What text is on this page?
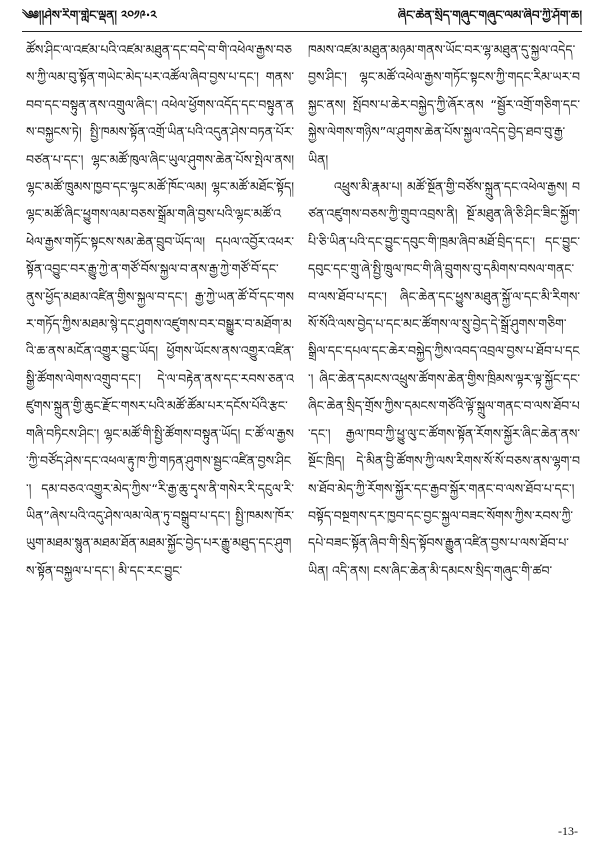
༄༅།།ཤེས་རིག་གླེང་ལྡན། ༢༠༡༩·༢	ཞིང་ཆེན་སྲིད་གཞུང་གཞུང་ལམ་ཞིབ་ཀྱི་ཤོག་ཆ།

ཚོས་ཤིང་ལ་འཛམ་པའི་འཛམ་མཐུན་དང་བདེ་བ་གི་འཕེལ་རྒྱས་བཅས་ཀྱི་ལམ་བུ་སྟོན་གཡེང་མེད་པར་འཚོལ་ཞིབ་བྱས་པ་དང་། གནས་བབ་དང་བསྟུན་ནས་འགྲུལ་ཞིང་། འཕེལ་ཕྱོགས་འདོད་དང་བསྟུན་ནས་བསྐྱངས་ཏེ། སྤྱི་ཁམས་སྟོན་འགྲོ་ཡིན་པའི་འདུན་ཤེས་བཏན་པོར་བཙན་པ་དང་། ལྷང་མཚོ་ཁུལ་ཞིང་ཡུལ་ཤུགས་ཆེན་པོས་སྤེལ་ནས། ལྷང་མཚོ་ཁྲུམས་ཁྱབ་དང་ལྷང་མཚོ་ཁོང་ལམ། ལྷང་མཚོ་མཐོང་སྟོད། ལྷང་མཚོ་ཞིང་ཕྱུགས་ལམ་བཅས་སྒྲོམ་གཞི་བྱས་པའི་ལྷང་མཚོ་འཕེལ་རྒྱས་གཏོང་སྟངས་སམ་ཆེན་བྲུབ་ཡོད་ལ། དཔལ་འབྱོར་འཕར་སྟོན་འབྱུང་བར་རྒྱུ་ཀྱེ་ན་གཙོ་བོས་སྐྱལ་བ་ནས་རྒྱ་ཀྱེ་གཙོ་བོ་དང་ནུས་ཕྱོད་མཐམ་འཛིན་གྱིས་སྐྱལ་བ་དང་། རྒྱ་ཀྱེ་ཡན་ཚོ་བོ་དང་གསར་གཏོད་ཀྱིས་མཐམ་སྙེ་དང་ཤུགས་འཛུགས་བར་བསྒྱུར་བ་མཐོག་མའི་ཆ་ནས་མངོན་འགྱུར་བྱུང་ཡོད། ཕྱོགས་ཡོངས་ནས་འགྱུར་འཛིན་སྒྱི་ཚོགས་ལེགས་འགྲུབ་དང་། དེ་ལ་བརྟེན་ནས་དང་རབས་ཅན་འཛུགས་སྐྲུན་གྱི་ཆུང་རྫོང་གསར་པའི་མཚོ་ཚོམ་པར་དངོས་པོའི་རྩང་གཞི་བཏིངས་ཤིང་། ལྷང་མཚོ་གི་སྤྱི་ཚོགས་བསྟུན་ཡོད། ང་ཚོ་ལ་རྒྱས་ཀྱི་བཙོད་ཤེས་དང་འཕལ་རྟུ་ཁ་ཀྱི་གཏན་ཤུགས་སྦྱང་འཛིན་བྱས་ཤིང་། དམ་བཅའ་འགྱུར་མེད་ཀྱིས་“རི་རྒྱ་ཆུ་དྭས་ནི་གསེར་རི་དངུལ་རི་ཡིན”ཞེས་པའི་འདུ་ཤེས་ལམ་ལེན་ཏུ་བསྒྲུབ་པ་དང་། སྤྱི་ཁམས་ཁོར་ཡུག་མཐམ་སྙུན་མཐམ་ཐོན་མཐམ་སྐྱོང་བྱེད་པར་རྒྱུ་མཐུད་དང་ཤུགས་སྟོན་བསྐྱལ་པ་དང་། མི་དང་རང་བྱུང་

ཁམས་འཛམ་མཐུན་མཉམ་གནས་ཡོང་བར་ལྷ་མཐུན་དུ་སྐྱལ་འདེད་བྱས་ཤིང་། ལྷང་མཚོ་འཕེལ་རྒྱས་གཏོང་སྟངས་ཀྱི་གདང་རིམ་ཡར་བསྐྱང་ནས། སྤོབས་པ་ཆེར་བསྐྱེད་ཀྱི་ཞོར་ནས “སྦྱོར་འགྲོ་གཅིག་དང་སྐྱེས་ལེགས་གཉིས”ལ་ཤུགས་ཆེན་པོས་སྐྱལ་འདེད་བྱེད་ཐབ་བུ་རྒྱ་ཡིན།

འཕྲུས་མི་རྣམ་པ། མཚོ་སྔོན་གྱི་བཙོས་སྐྲུན་དང་འཕེལ་རྒྱས། བཙན་འཛུགས་བཅས་ཀྱི་གྲུབ་འབྲས་ནི། སྔོ་མཐུན་ཞི་ཅི་ཤིང་ཟིང་སྐྱོག་པི་ཅི་ཡིན་པའི་དང་བྱུང་དབུང་གི་ཁྲམ་ཞིབ་མཐོ་བྲིད་དང་། དང་བྱུང་དབུང་དང་གྲུ་ཞེ་སྤྱི་ཁྲུལ་ཁང་གི་ཞི་བྲུགས་བུ་དམིགས་བསལ་གནང་བ་ལས་ཐོབ་པ་དང་། ཞིང་ཆེན་དང་ཕྱུས་མཐུན་སྐྱོ་ལ་དང་མི་རིགས་སོ་སོའི་ལས་བྱེད་པ་དང་མང་ཚོགས་ལ་སྲུ་བྱེད་དེ་སྒྲོ་ཤུགས་གཅིག་སྒྲིལ་དང་དཔལ་དང་ཆེར་བསྐྱེད་ཀྱིས་འབད་འབྲལ་བྱས་པ་ཐོབ་པ་དང་། ཞིང་ཆེན་དམངས་འཕྲུས་ཚོགས་ཆེན་གྱིས་ཁྲིམས་ལྟར་ལྟ་སྐྱོང་དང་ཞིང་ཆེན་སྲིད་གྲོས་ཀྱིས་དམངས་གཙོའི་ལྟོ་སྐྲུལ་གནང་བ་ལས་ཐོབ་པ་དང་། རྒྱལ་ཁབ་ཀྱི་ཕྱུ་ལུ་ང་ཚོགས་སྟོན་རོགས་སྐྱོར་ཞིང་ཆེན་ནས་སྔོང་ཁྲིད། དེ་མིན་བྱི་ཚོགས་ཀྱི་ལས་རིགས་སོ་སོ་བཅས་ནས་ལྷག་བས་ཐོབ་མེད་ཀྱི་རོགས་སྐྱོར་དང་རྒྱབ་སྐྱོར་གནང་བ་ལས་ཐོབ་པ་དང་། བསྟོད་བསྔགས་དར་ཁྱབ་དང་བྱང་སྐྱལ་བཟང་སོགས་ཀྱིས་རབས་ཀྱི་དཔེ་བཟང་སྟོན་ཞིབ་གི་སྲིད་སྟོབས་རྒྱུན་འཛིན་བྱས་པ་ལས་ཐོབ་པ་ཡིན། འདི་ནས། ངས་ཞིང་ཆེན་མི་དམངས་སྲིད་གཞུང་གི་ཚབ་

-13-
